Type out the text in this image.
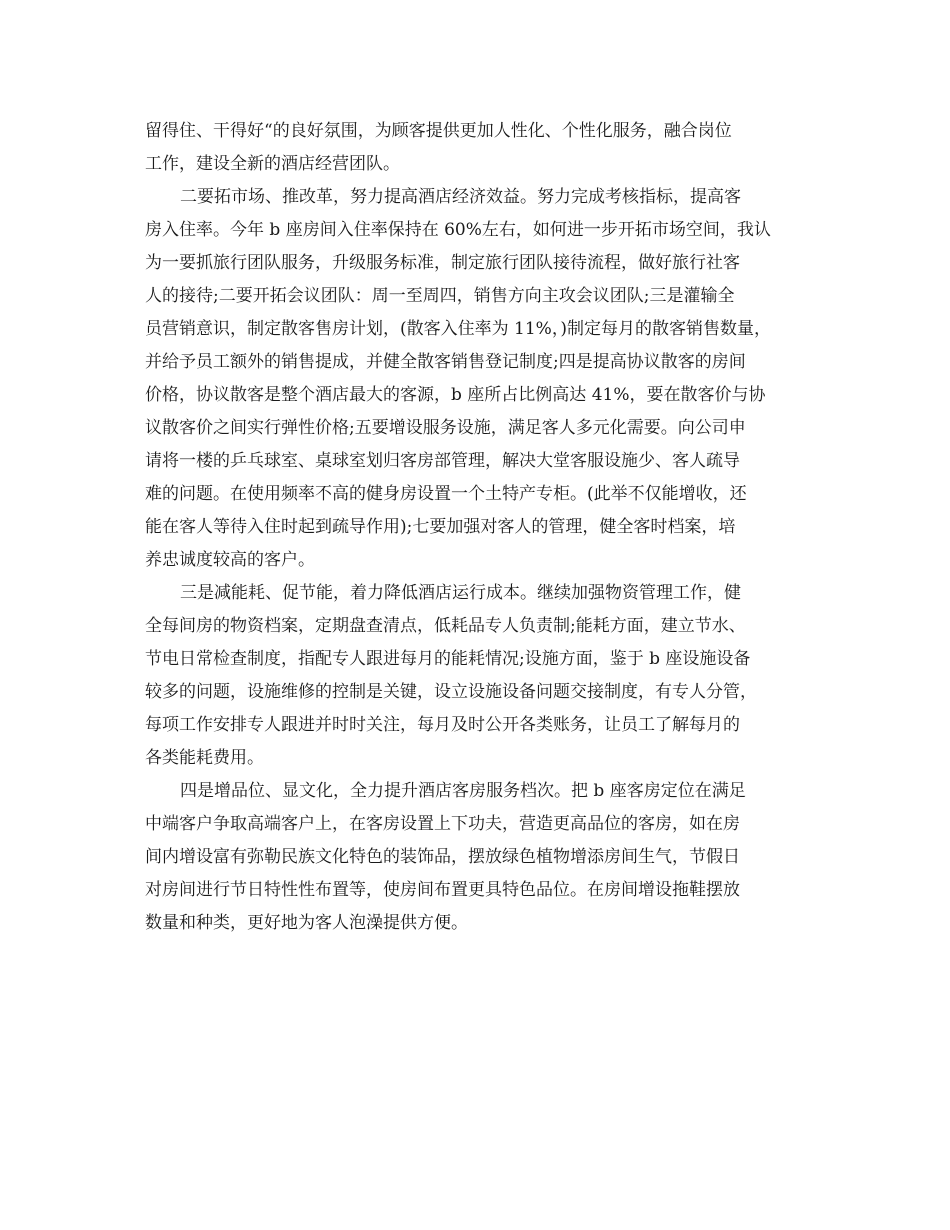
留得住、干得好“的良好氛围，为顾客提供更加人性化、个性化服务，融合岗位
工作，建设全新的酒店经营团队。
二要拓市场、推改革，努力提高酒店经济效益。努力完成考核指标，提高客
房入住率。今年 b 座房间入住率保持在 60%左右，如何进一步开拓市场空间，我认
为一要抓旅行团队服务，升级服务标准，制定旅行团队接待流程，做好旅行社客
人的接待;二要开拓会议团队：周一至周四，销售方向主攻会议团队;三是灌输全
员营销意识，制定散客售房计划，(散客入住率为 11%，)制定每月的散客销售数量，
并给予员工额外的销售提成，并健全散客销售登记制度;四是提高协议散客的房间
价格，协议散客是整个酒店最大的客源，b 座所占比例高达 41%，要在散客价与协
议散客价之间实行弹性价格;五要增设服务设施，满足客人多元化需要。向公司申
请将一楼的乒乓球室、桌球室划归客房部管理，解决大堂客服设施少、客人疏导
难的问题。在使用频率不高的健身房设置一个土特产专柜。(此举不仅能增收，还
能在客人等待入住时起到疏导作用);七要加强对客人的管理，健全客时档案，培
养忠诚度较高的客户。
三是减能耗、促节能，着力降低酒店运行成本。继续加强物资管理工作，健
全每间房的物资档案，定期盘查清点，低耗品专人负责制;能耗方面，建立节水、
节电日常检查制度，指配专人跟进每月的能耗情况;设施方面，鉴于 b 座设施设备
较多的问题，设施维修的控制是关键，设立设施设备问题交接制度，有专人分管，
每项工作安排专人跟进并时时关注，每月及时公开各类账务，让员工了解每月的
各类能耗费用。
四是增品位、显文化，全力提升酒店客房服务档次。把 b 座客房定位在满足
中端客户争取高端客户上，在客房设置上下功夫，营造更高品位的客房，如在房
间内增设富有弥勒民族文化特色的装饰品，摆放绿色植物增添房间生气，节假日
对房间进行节日特性性布置等，使房间布置更具特色品位。在房间增设拖鞋摆放
数量和种类，更好地为客人泡澡提供方便。
